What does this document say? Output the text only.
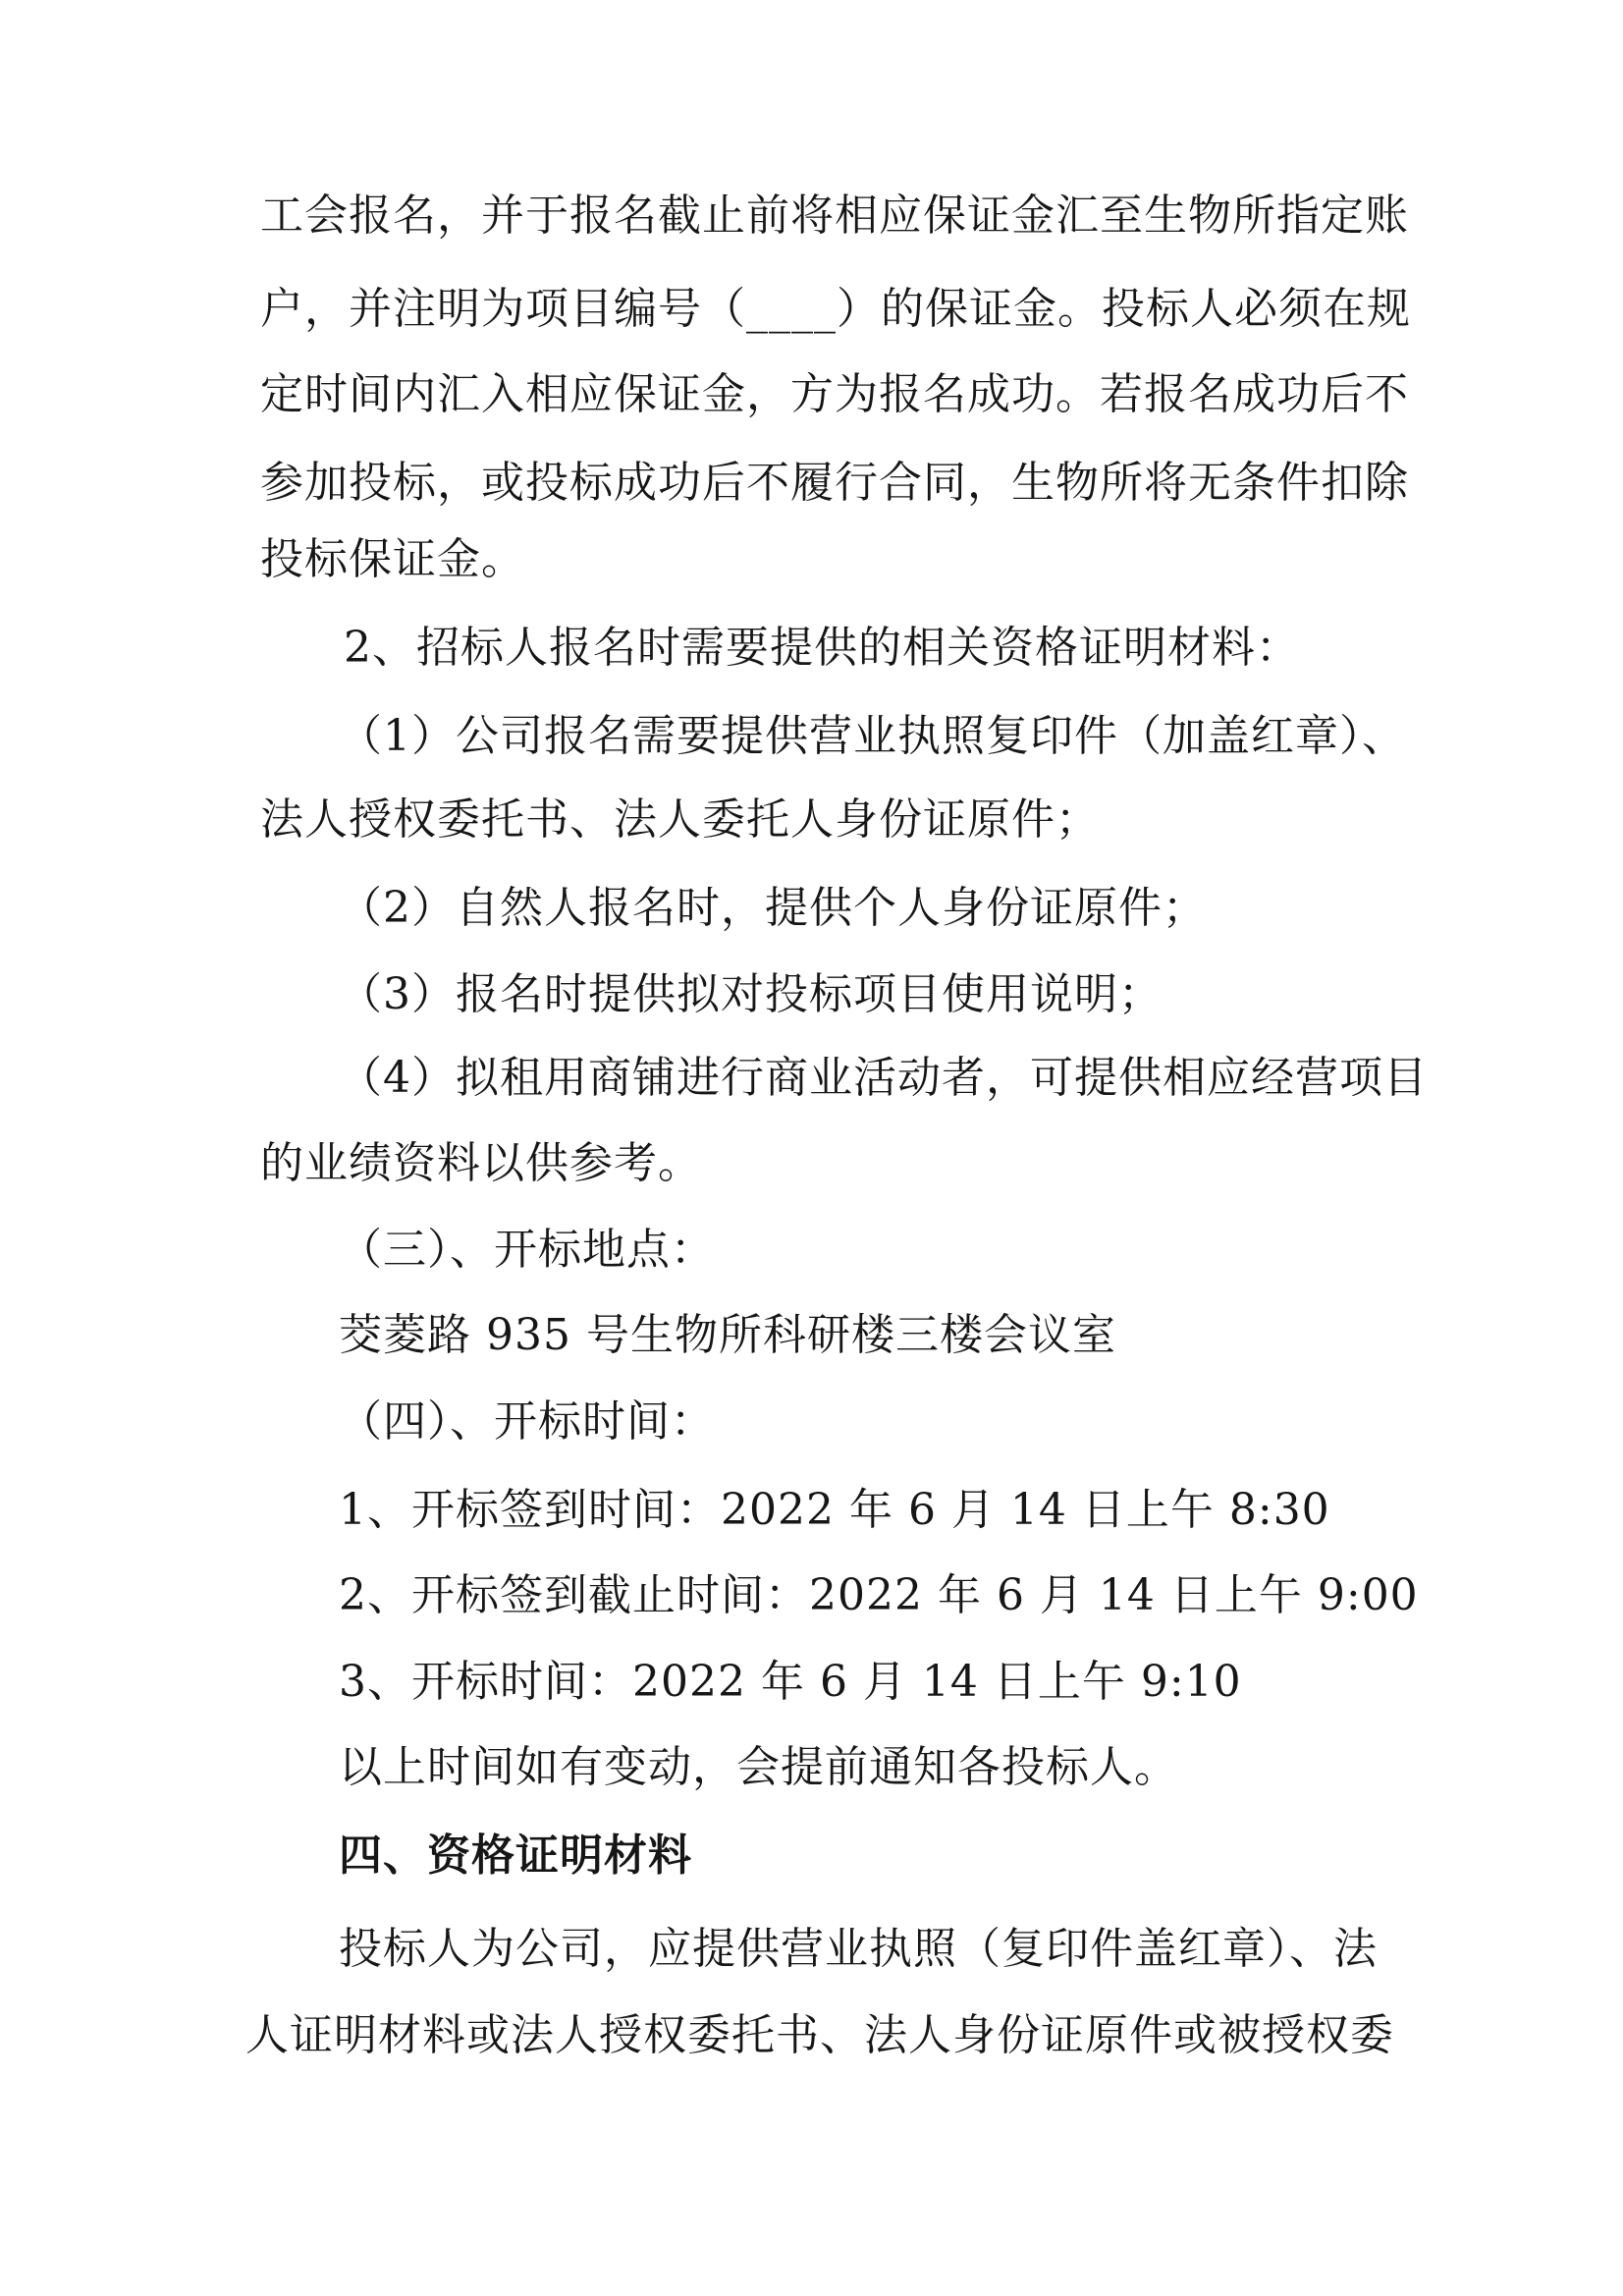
工会报名，并于报名截止前将相应保证金汇至生物所指定账
户，并注明为项目编号（____）的保证金。投标人必须在规
定时间内汇入相应保证金，方为报名成功。若报名成功后不
参加投标，或投标成功后不履行合同，生物所将无条件扣除
投标保证金。
2、招标人报名时需要提供的相关资格证明材料：
（1）公司报名需要提供营业执照复印件（加盖红章）、
法人授权委托书、法人委托人身份证原件；
（2）自然人报名时，提供个人身份证原件；
（3）报名时提供拟对投标项目使用说明；
（4）拟租用商铺进行商业活动者，可提供相应经营项目
的业绩资料以供参考。
（三）、开标地点：
茭菱路 935 号生物所科研楼三楼会议室
（四）、开标时间：
1、开标签到时间：2022 年 6 月 14 日上午 8:30
2、开标签到截止时间：2022 年 6 月 14 日上午 9:00
3、开标时间：2022 年 6 月 14 日上午 9:10
以上时间如有变动，会提前通知各投标人。
四、资格证明材料
投标人为公司，应提供营业执照（复印件盖红章）、法
人证明材料或法人授权委托书、法人身份证原件或被授权委
